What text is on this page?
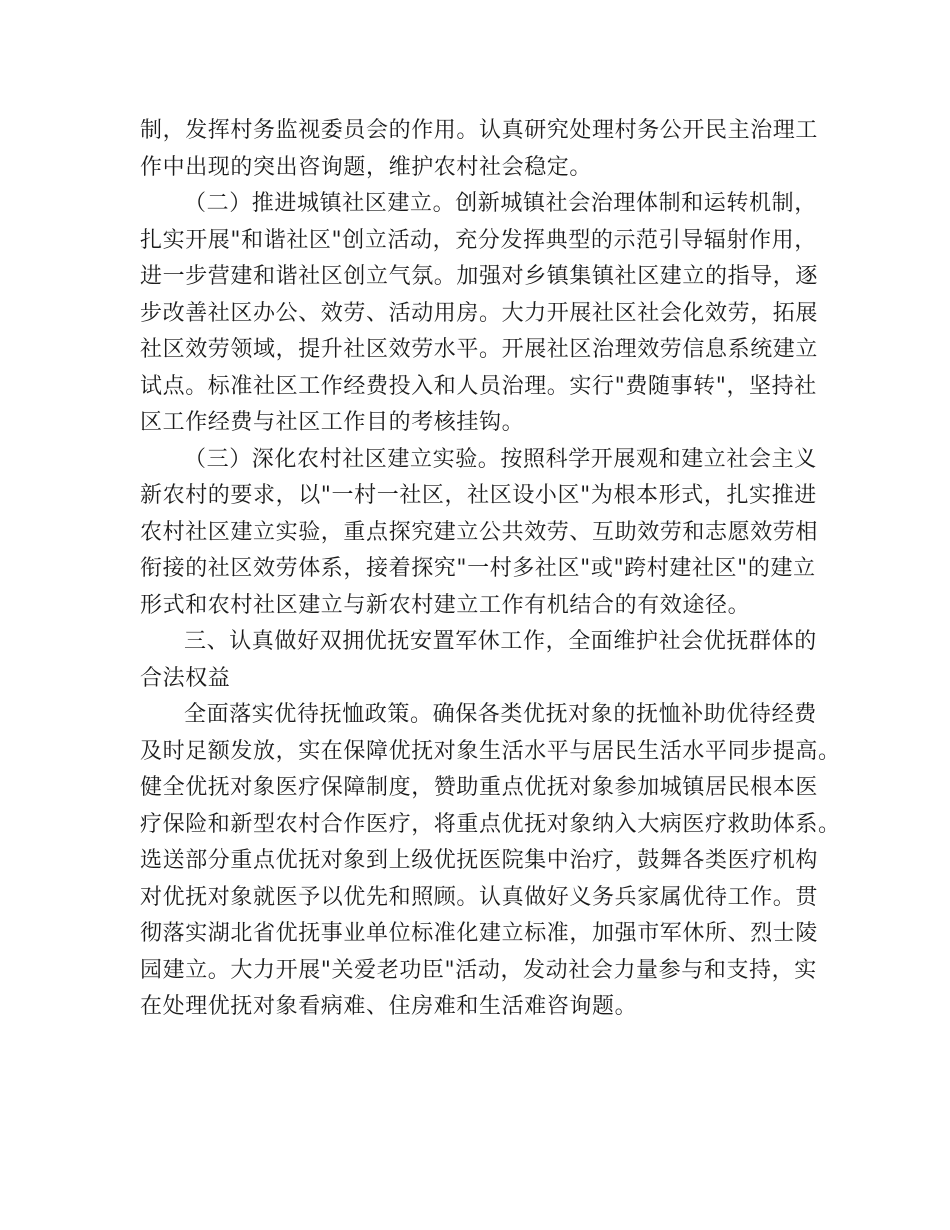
制，发挥村务监视委员会的作用。认真研究处理村务公开民主治理工
作中出现的突出咨询题，维护农村社会稳定。
（二）推进城镇社区建立。创新城镇社会治理体制和运转机制，
扎实开展"和谐社区"创立活动，充分发挥典型的示范引导辐射作用，
进一步营建和谐社区创立气氛。加强对乡镇集镇社区建立的指导，逐
步改善社区办公、效劳、活动用房。大力开展社区社会化效劳，拓展
社区效劳领域，提升社区效劳水平。开展社区治理效劳信息系统建立
试点。标准社区工作经费投入和人员治理。实行"费随事转"，坚持社
区工作经费与社区工作目的考核挂钩。
（三）深化农村社区建立实验。按照科学开展观和建立社会主义
新农村的要求，以"一村一社区，社区设小区"为根本形式，扎实推进
农村社区建立实验，重点探究建立公共效劳、互助效劳和志愿效劳相
衔接的社区效劳体系，接着探究"一村多社区"或"跨村建社区"的建立
形式和农村社区建立与新农村建立工作有机结合的有效途径。
三、认真做好双拥优抚安置军休工作，全面维护社会优抚群体的
合法权益
全面落实优待抚恤政策。确保各类优抚对象的抚恤补助优待经费
及时足额发放，实在保障优抚对象生活水平与居民生活水平同步提高。
健全优抚对象医疗保障制度，赞助重点优抚对象参加城镇居民根本医
疗保险和新型农村合作医疗，将重点优抚对象纳入大病医疗救助体系。
选送部分重点优抚对象到上级优抚医院集中治疗，鼓舞各类医疗机构
对优抚对象就医予以优先和照顾。认真做好义务兵家属优待工作。贯
彻落实湖北省优抚事业单位标准化建立标准，加强市军休所、烈士陵
园建立。大力开展"关爱老功臣"活动，发动社会力量参与和支持，实
在处理优抚对象看病难、住房难和生活难咨询题。
